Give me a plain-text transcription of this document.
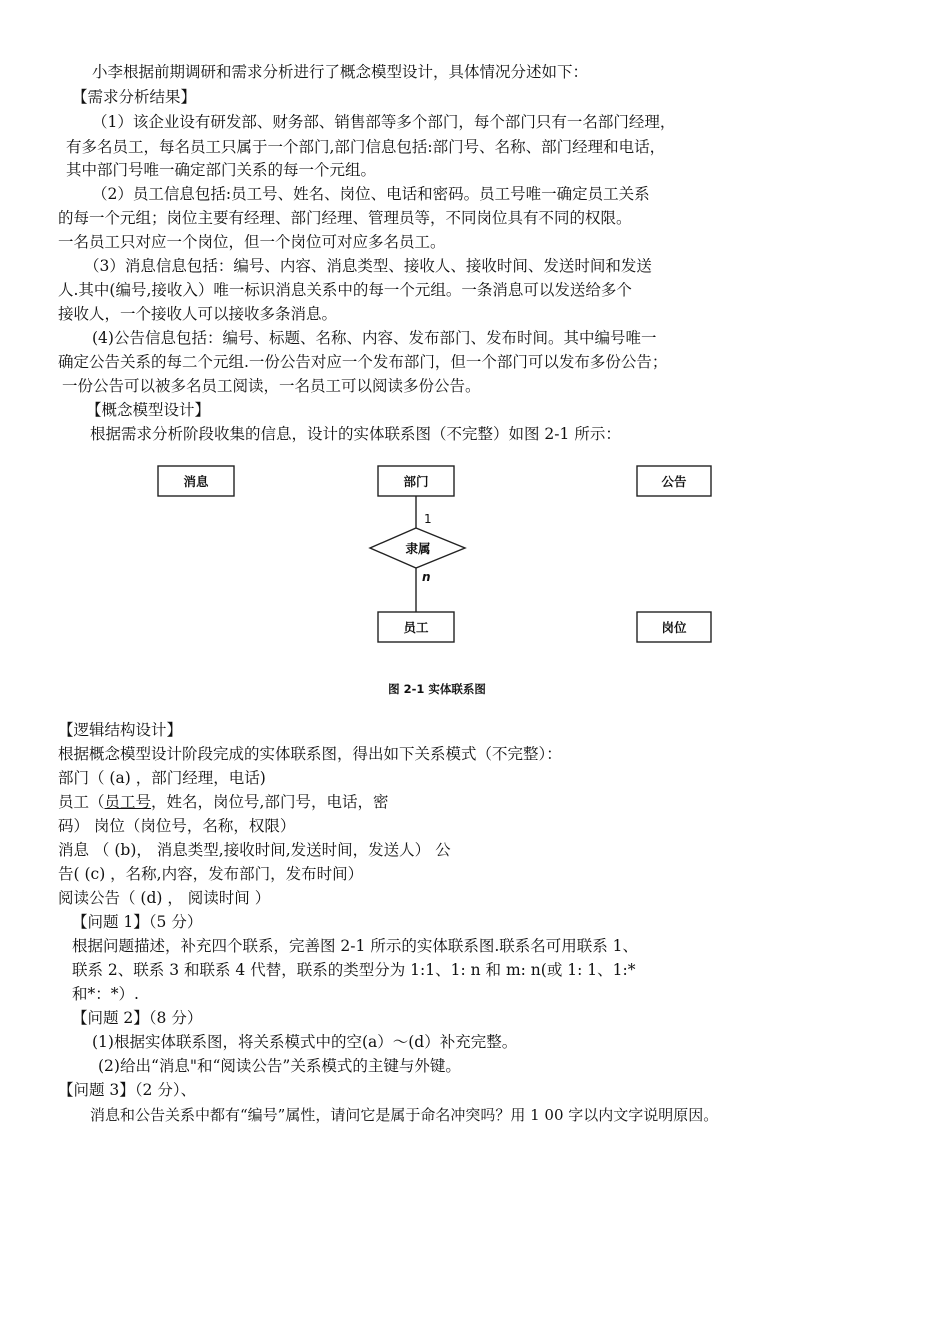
小李根据前期调研和需求分析进行了概念模型设计，具体情况分述如下：
【需求分析结果】
（1）该企业设有研发部、财务部、销售部等多个部门，每个部门只有一名部门经理，
有多名员工，每名员工只属于一个部门,部门信息包括:部门号、名称、部门经理和电话，
其中部门号唯一确定部门关系的每一个元组。
（2）员工信息包括:员工号、姓名、岗位、电话和密码。员工号唯一确定员工关系
的每一个元组；岗位主要有经理、部门经理、管理员等，不同岗位具有不同的权限。
一名员工只对应一个岗位，但一个岗位可对应多名员工。
（3）消息信息包括：编号、内容、消息类型、接收人、接收时间、发送时间和发送
人.其中(编号,接收入）唯一标识消息关系中的每一个元组。一条消息可以发送给多个
接收人，一个接收人可以接收多条消息。
(4)公告信息包括：编号、标题、名称、内容、发布部门、发布时间。其中编号唯一
确定公告关系的每二个元组.一份公告对应一个发布部门，但一个部门可以发布多份公告；
一份公告可以被多名员工阅读，一名员工可以阅读多份公告。
【概念模型设计】
根据需求分析阶段收集的信息，设计的实体联系图（不完整）如图 2-1 所示：
消息	部门	公告
员工	岗位
隶属
1
n
图 2-1 实体联系图
【逻辑结构设计】
根据概念模型设计阶段完成的实体联系图，得出如下关系模式（不完整）：
部门（ (a) ，部门经理，电话)
员工（员工号，姓名，岗位号,部门号，电话，密
码） 岗位（岗位号，名称，权限）
消息 （ (b)， 消息类型,接收时间,发送时间，发送人） 公
告( (c) ，名称,内容，发布部门，发布时间）
阅读公告（ (d) ， 阅读时间 ）
【问题 1】（5 分）
根据问题描述，补充四个联系，完善图 2-1 所示的实体联系图.联系名可用联系 1、
联系 2、联系 3 和联系 4 代替，联系的类型分为 1:1、1: n 和 m: n(或 1: 1、1:*
和*：*）.
【问题 2】（8 分）
(1)根据实体联系图，将关系模式中的空(a）～(d）补充完整。
(2)给出“消息"和“阅读公告”关系模式的主键与外键。
【问题 3】（2 分）、
消息和公告关系中都有“编号”属性，请问它是属于命名冲突吗？用 1 00 字以内文字说明原因。
